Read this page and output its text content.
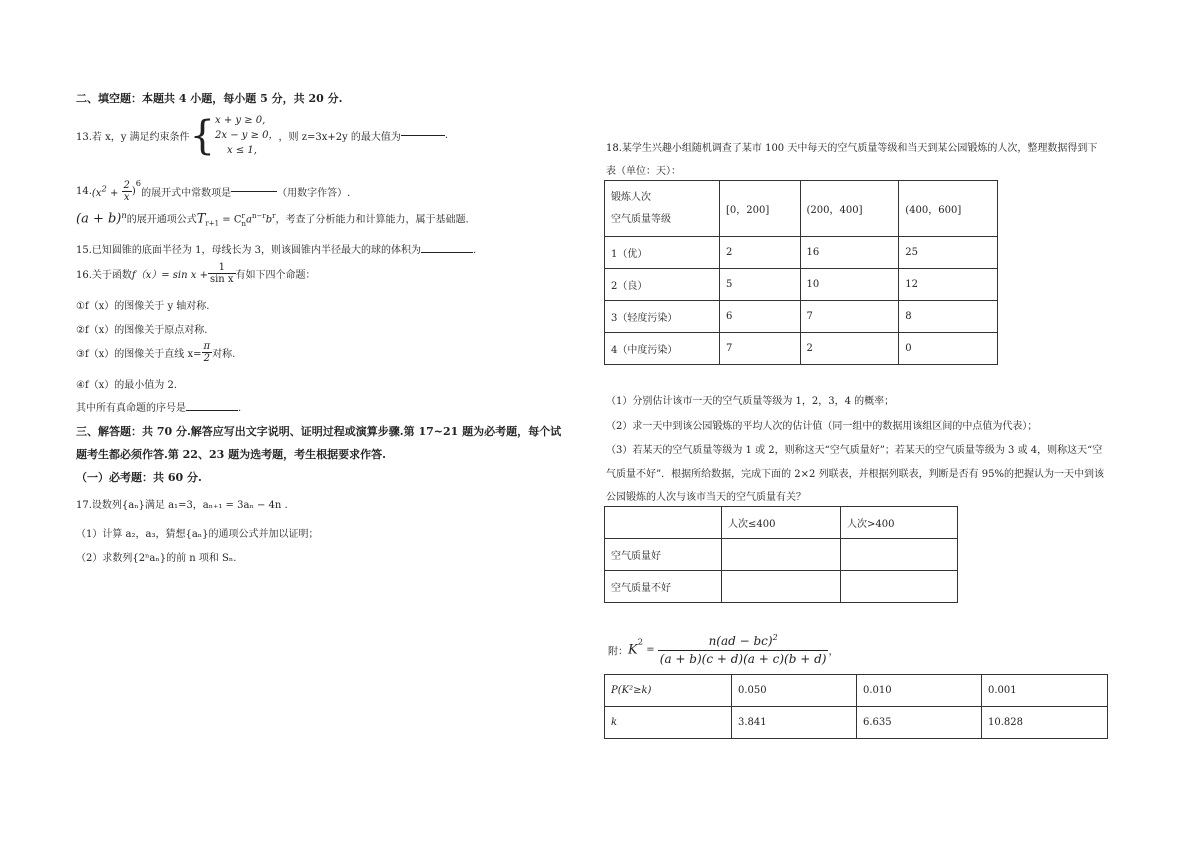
二、填空题：本题共 4 小题，每小题 5 分，共 20 分.
13.若 x，y 满足约束条件{ x + y ≥ 0,
2x − y ≥ 0，
x ≤ 1,
，则 z=3x+2y 的最大值为	.
$14.(x^2 + \frac{2}{x} )^6$的展开式中常数项是	（用数字作答）.
$(a + b)^n$的展开通项公式$T_{r+1} = C$ r
n $a^{n-r}b^r$，考查了分析能力和计算能力，属于基础题.
15.已知圆锥的底面半径为 1，母线长为 3，则该圆锥内半径最大的球的体积为	.
16.关于函数$f(x)= \sin x + \frac{1}{\text{sin x}}$ 有如下四个命题：
①f（x）的图像关于 y 轴对称.
②f（x）的图像关于原点对称.
③f（x）的图像关于直线 $x= \frac{\pi}{2}$ 对称.
④f（x）的最小值为 2.
其中所有真命题的序号是	.
三、解答题：共 70 分.解答应写出文字说明、证明过程或演算步骤.第 17~21 题为必考题，每个试
题考生都必须作答.第 22、23 题为选考题，考生根据要求作答.
（一）必考题：共 60 分.
17.设数列{aₙ}满足 a₁=3，aₙ₊₁ = 3aₙ − 4n .
（1）计算 a₂，a₃，猜想{aₙ}的通项公式并加以证明；
（2）求数列{2ⁿaₙ}的前 n 项和 Sₙ.
18.某学生兴趣小组随机调查了某市 100 天中每天的空气质量等级和当天到某公园锻炼的人次，整理数据得到下
表（单位：天）：
锻炼人次
空气质量等级	[0，200]	(200，400]	(400，600]
1（优）	2	16	25
2（良）	5	10	12
3（轻度污染）	6	7	8
4（中度污染）	7	2	0
（1）分别估计该市一天的空气质量等级为 1，2，3，4 的概率；
（2）求一天中到该公园锻炼的平均人次的估计值（同一组中的数据用该组区间的中点值为代表）；
（3）若某天的空气质量等级为 1 或 2，则称这天“空气质量好”；若某天的空气质量等级为 3 或 4，则称这天“空
气质量不好”．根据所给数据，完成下面的 2×2 列联表，并根据列联表，判断是否有 95%的把握认为一天中到该
公园锻炼的人次与该市当天的空气质量有关？
	人次≤400	人次>400
空气质量好		
空气质量不好		
附：$K^2 = \frac{n(ad - bc)^2}{(a + b)(c + d)(a + c)(b + d)}$ ，
P(K²≥k)	0.050	0.010	0.001
k	3.841	6.635	10.828
